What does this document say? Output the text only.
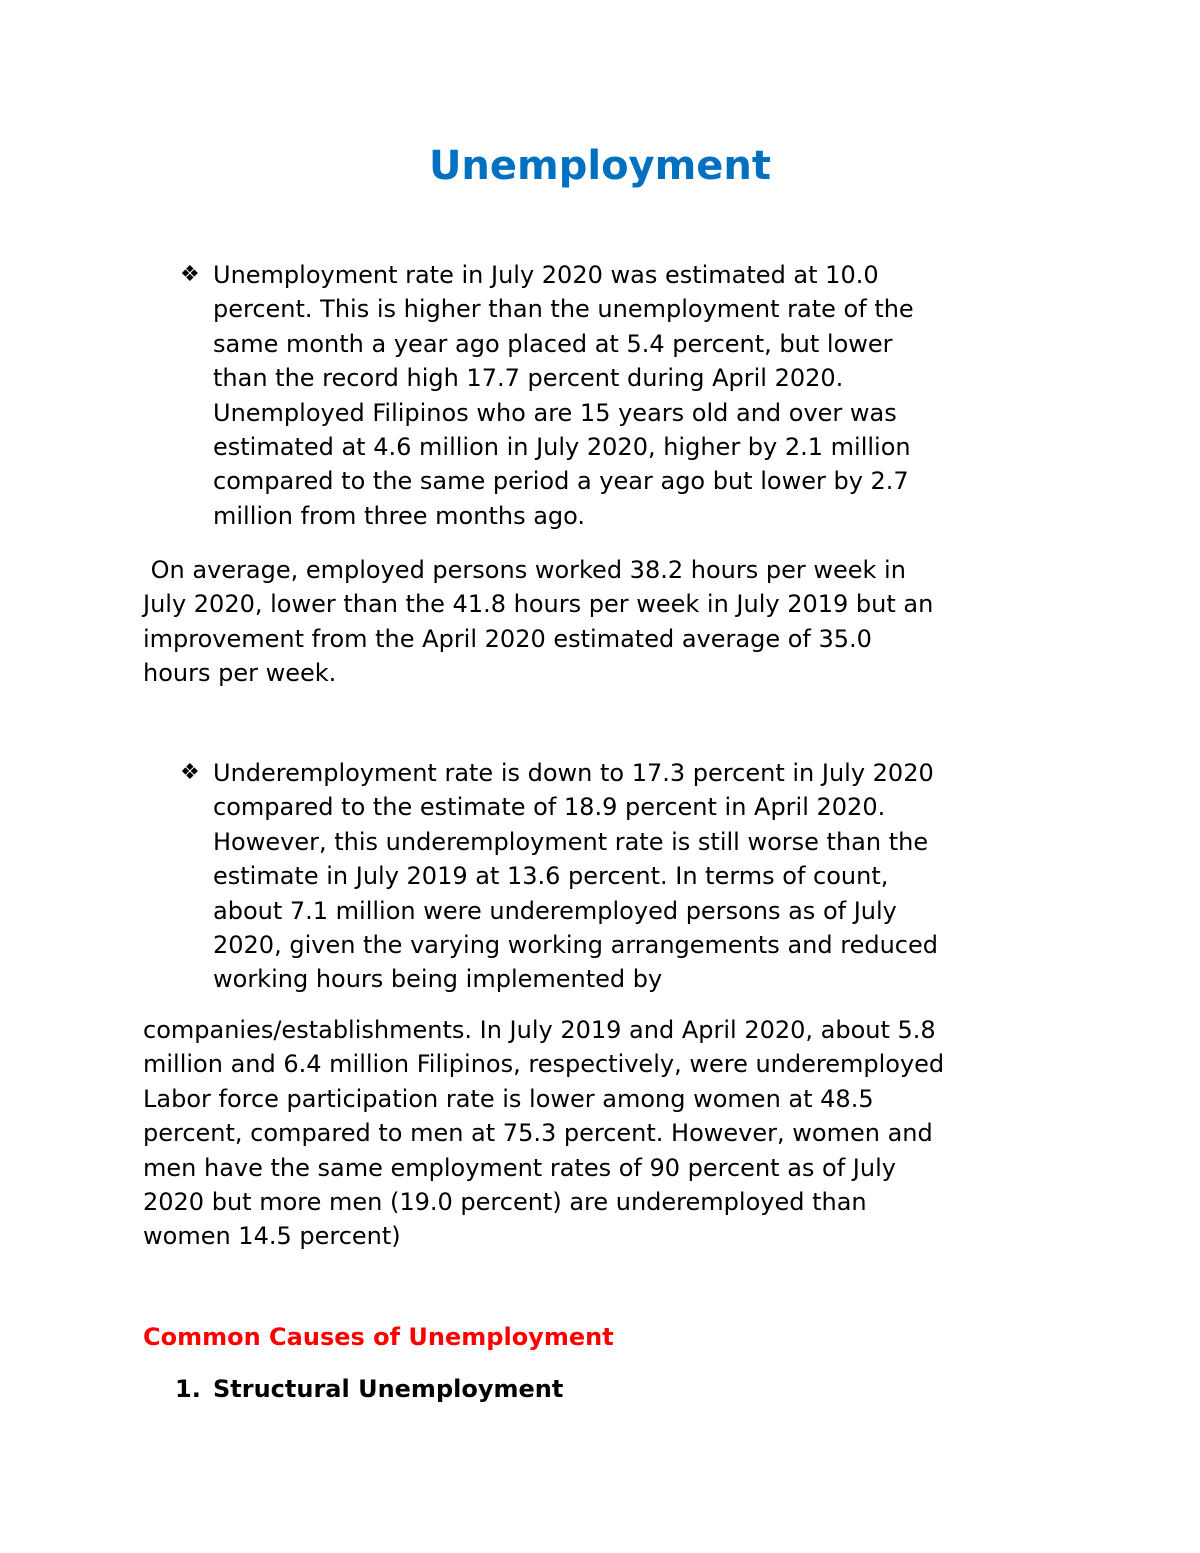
Unemployment
❖ Unemployment rate in July 2020 was estimated at 10.0
percent. This is higher than the unemployment rate of the
same month a year ago placed at 5.4 percent, but lower
than the record high 17.7 percent during April 2020.
Unemployed Filipinos who are 15 years old and over was
estimated at 4.6 million in July 2020, higher by 2.1 million
compared to the same period a year ago but lower by 2.7
million from three months ago.

On average, employed persons worked 38.2 hours per week in
July 2020, lower than the 41.8 hours per week in July 2019 but an
improvement from the April 2020 estimated average of 35.0
hours per week.

❖ Underemployment rate is down to 17.3 percent in July 2020
compared to the estimate of 18.9 percent in April 2020.
However, this underemployment rate is still worse than the
estimate in July 2019 at 13.6 percent. In terms of count,
about 7.1 million were underemployed persons as of July
2020, given the varying working arrangements and reduced
working hours being implemented by

companies/establishments. In July 2019 and April 2020, about 5.8
million and 6.4 million Filipinos, respectively, were underemployed
Labor force participation rate is lower among women at 48.5
percent, compared to men at 75.3 percent. However, women and
men have the same employment rates of 90 percent as of July
2020 but more men (19.0 percent) are underemployed than
women 14.5 percent)

Common Causes of Unemployment
1. Structural Unemployment
